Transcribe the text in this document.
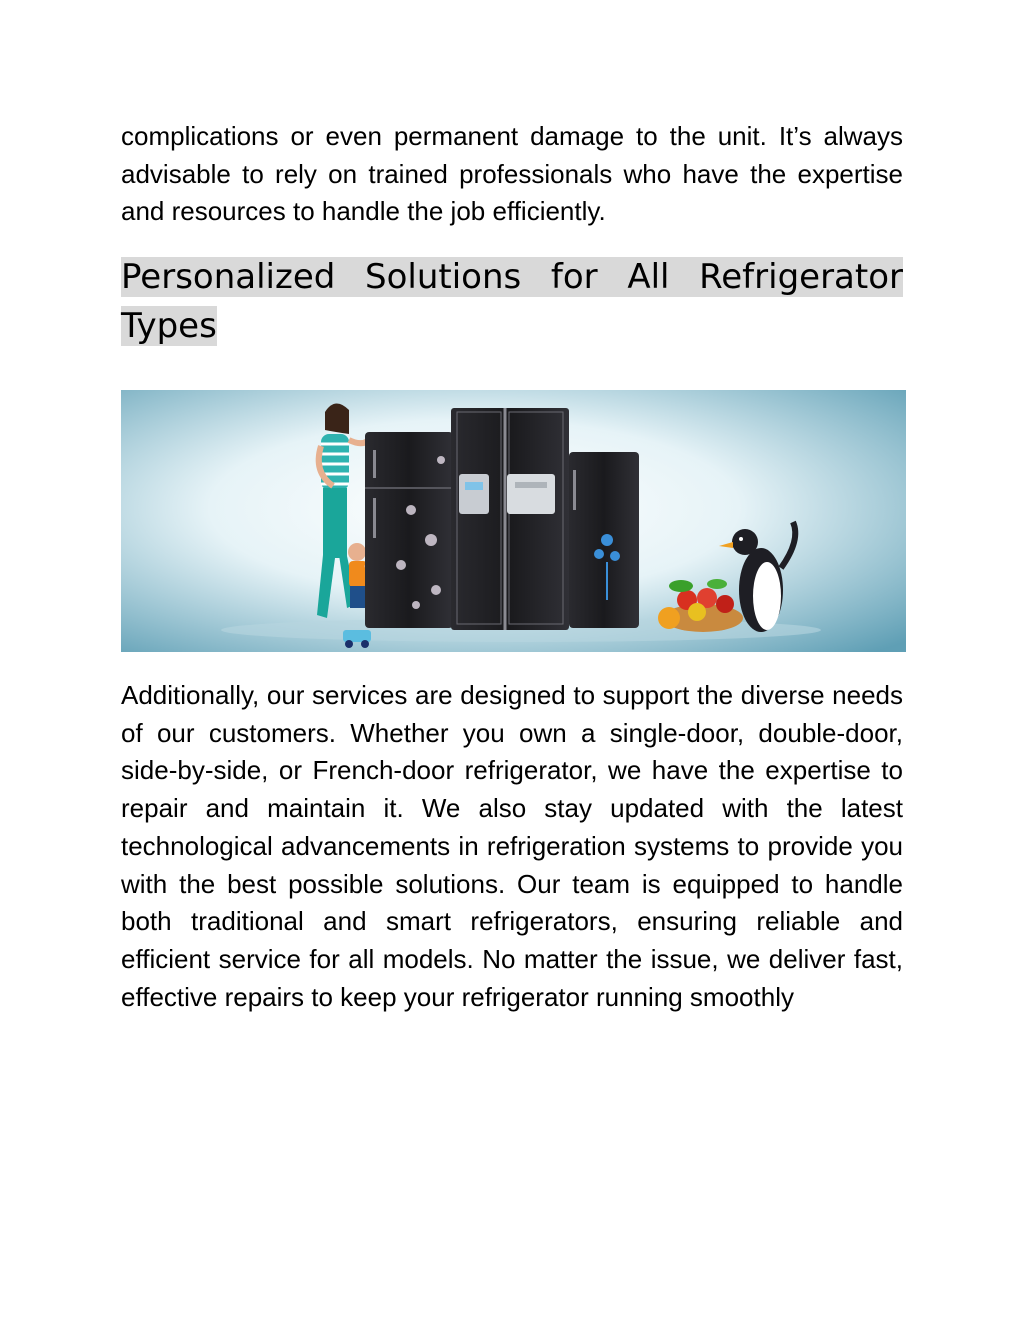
complications or even permanent damage to the unit. It’s always advisable to rely on trained professionals who have the expertise and resources to handle the job efficiently.

Personalized Solutions for All Refrigerator Types

Additionally, our services are designed to support the diverse needs of our customers. Whether you own a single-door, double-door, side-by-side, or French-door refrigerator, we have the expertise to repair and maintain it. We also stay updated with the latest technological advancements in refrigeration systems to provide you with the best possible solutions. Our team is equipped to handle both traditional and smart refrigerators, ensuring reliable and efficient service for all models. No matter the issue, we deliver fast, effective repairs to keep your refrigerator running smoothly
